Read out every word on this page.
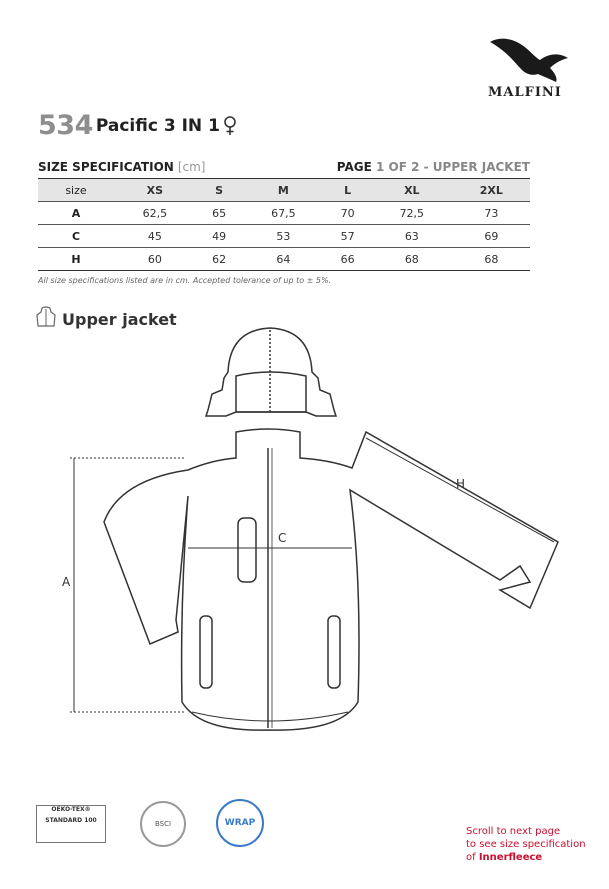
MALFINI
534 Pacific 3 IN 1
SIZE SPECIFICATION [cm]	PAGE 1 OF 2 - UPPER JACKET
size	XS	S	M	L	XL	2XL
A	62,5	65	67,5	70	72,5	73
C	45	49	53	57	63	69
H	60	62	64	66	68	68
All size specifications listed are in cm. Accepted tolerance of up to ± 5%.
Upper jacket
A
C
H
OEKO-TEX®
STANDARD 100	BSCI	WRAP
Scroll to next page
to see size specification
of Innerfleece
